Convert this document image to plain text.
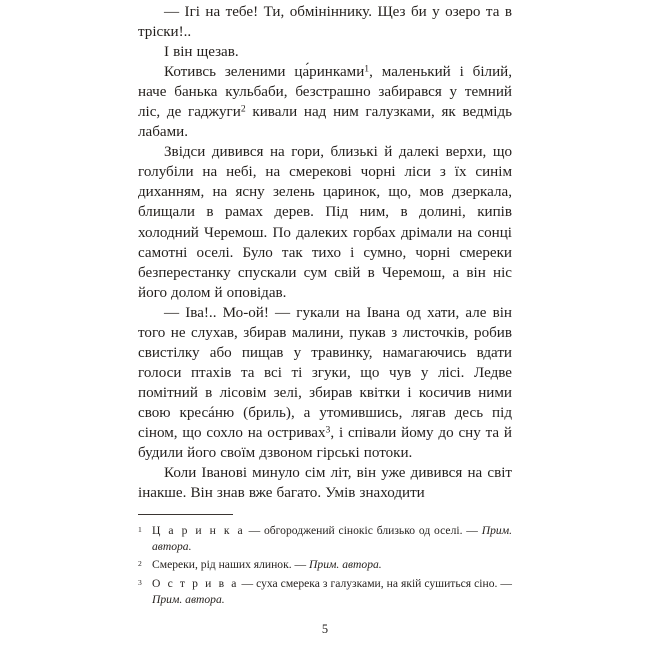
— Ігі на тебе! Ти, обмініннику. Щез би у озеро та в тріски!..

І він щезав.

Котивсь зеленими ца́ринками$^1$, маленький і білий, наче банька кульбаби, безстрашно забирався у темний ліс, де гаджуги$^2$ кивали над ним галузками, як ведмідь лабами.

Звідси дивився на гори, близькі й далекі верхи, що голубіли на небі, на смерекові чорні ліси з їх синім диханням, на ясну зелень царинок, що, мов дзеркала, блищали в рамах дерев. Під ним, в долині, кипів холодний Черемош. По далеких горбах дрімали на сонці самотні оселі. Було так тихо і сумно, чорні смереки безперестанку спускали сум свій в Черемош, а він ніс його долом й оповідав.

— Іва!.. Мо-ой! — гукали на Івана од хати, але він того не слухав, збирав малини, пукав з листочків, робив свистілку або пищав у травинку, намагаючись вдати голоси птахів та всі ті згуки, що чув у лісі. Ледве помітний в лісовім зелі, збирав квітки і косичив ними свою кресáню (бриль), а утомившись, лягав десь під сіном, що сохло на остривах$^3$, і співали йому до сну та й будили його своїм дзвоном гірські потоки.

Коли Іванові минуло сім літ, він уже дивився на світ інакше. Він знав вже багато. Умів знаходити

1 Ц а р и н к а — обгороджений сінокіс близько од оселі. — Прим. автора.

2 Смереки, рід наших ялинок. — Прим. автора.

3 О с т р и в а — суха смерека з галузками, на якій сушиться сіно. — Прим. автора.

5
